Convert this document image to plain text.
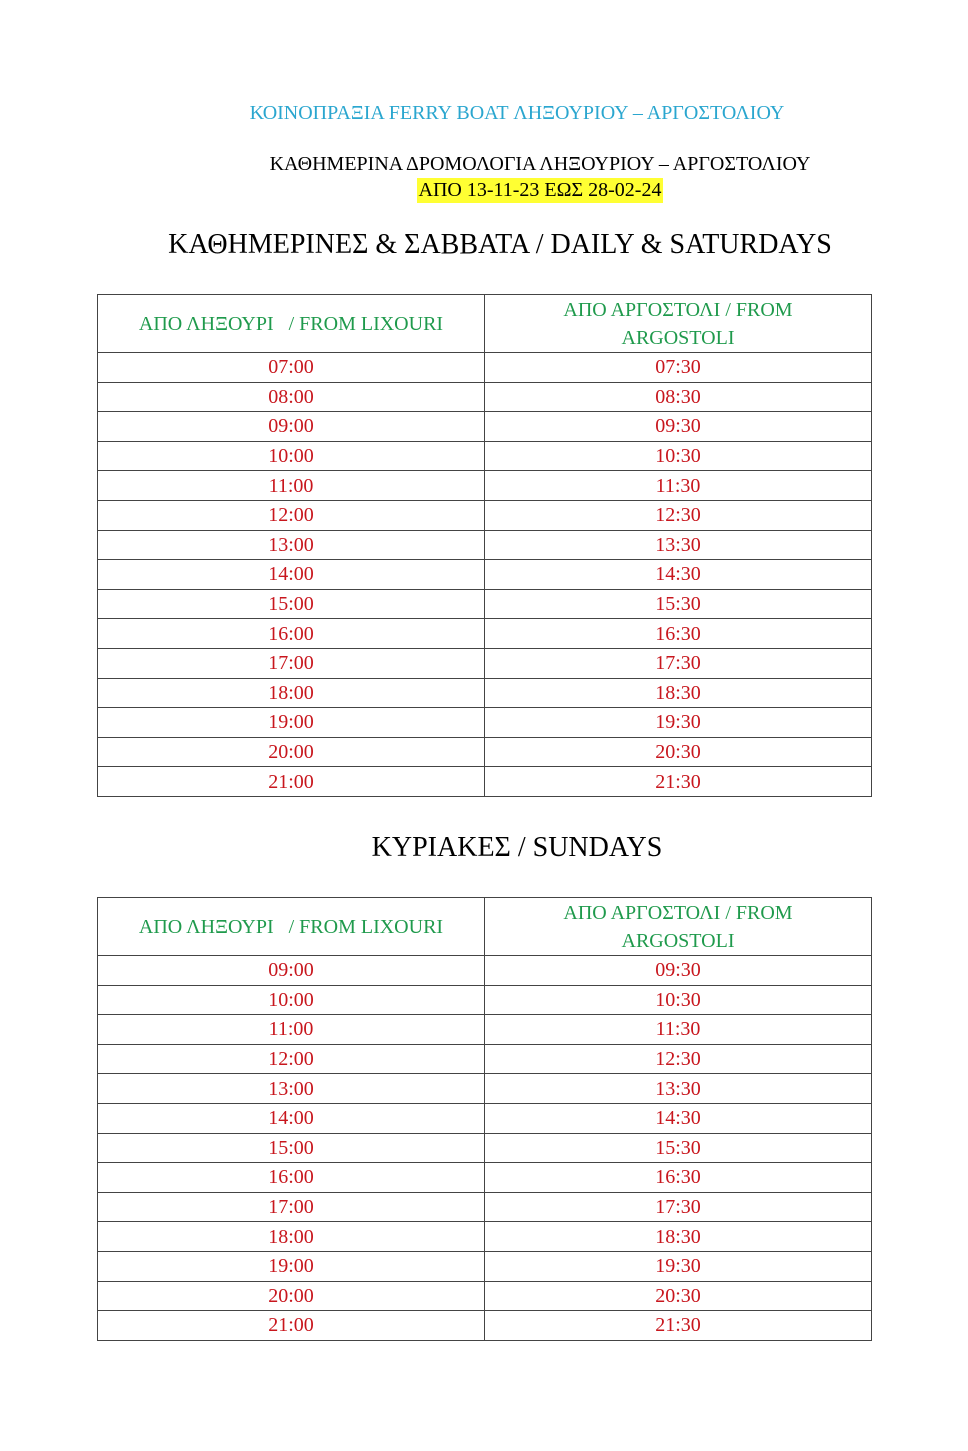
ΚΟΙΝΟΠΡΑΞΙΑ FERRY BOAT ΛΗΞΟΥΡΙΟΥ – ΑΡΓΟΣΤΟΛΙΟΥ
ΚΑΘΗΜΕΡΙΝΑ ΔΡΟΜΟΛΟΓΙΑ ΛΗΞΟΥΡΙΟΥ – ΑΡΓΟΣΤΟΛΙΟΥ
ΑΠΟ 13-11-23 ΕΩΣ 28-02-24
ΚΑΘΗΜΕΡΙΝΕΣ & ΣΑΒΒΑΤΑ / DAILY & SATURDAYS
ΑΠΟ ΛΗΞΟΥΡΙ   / FROM LIXOURI	ΑΠΟ ΑΡΓΟΣΤΟΛΙ / FROM ARGOSTOLI
07:00	07:30
08:00	08:30
09:00	09:30
10:00	10:30
11:00	11:30
12:00	12:30
13:00	13:30
14:00	14:30
15:00	15:30
16:00	16:30
17:00	17:30
18:00	18:30
19:00	19:30
20:00	20:30
21:00	21:30
ΚΥΡΙΑΚΕΣ / SUNDAYS
ΑΠΟ ΛΗΞΟΥΡΙ   / FROM LIXOURI	ΑΠΟ ΑΡΓΟΣΤΟΛΙ / FROM ARGOSTOLI
09:00	09:30
10:00	10:30
11:00	11:30
12:00	12:30
13:00	13:30
14:00	14:30
15:00	15:30
16:00	16:30
17:00	17:30
18:00	18:30
19:00	19:30
20:00	20:30
21:00	21:30
